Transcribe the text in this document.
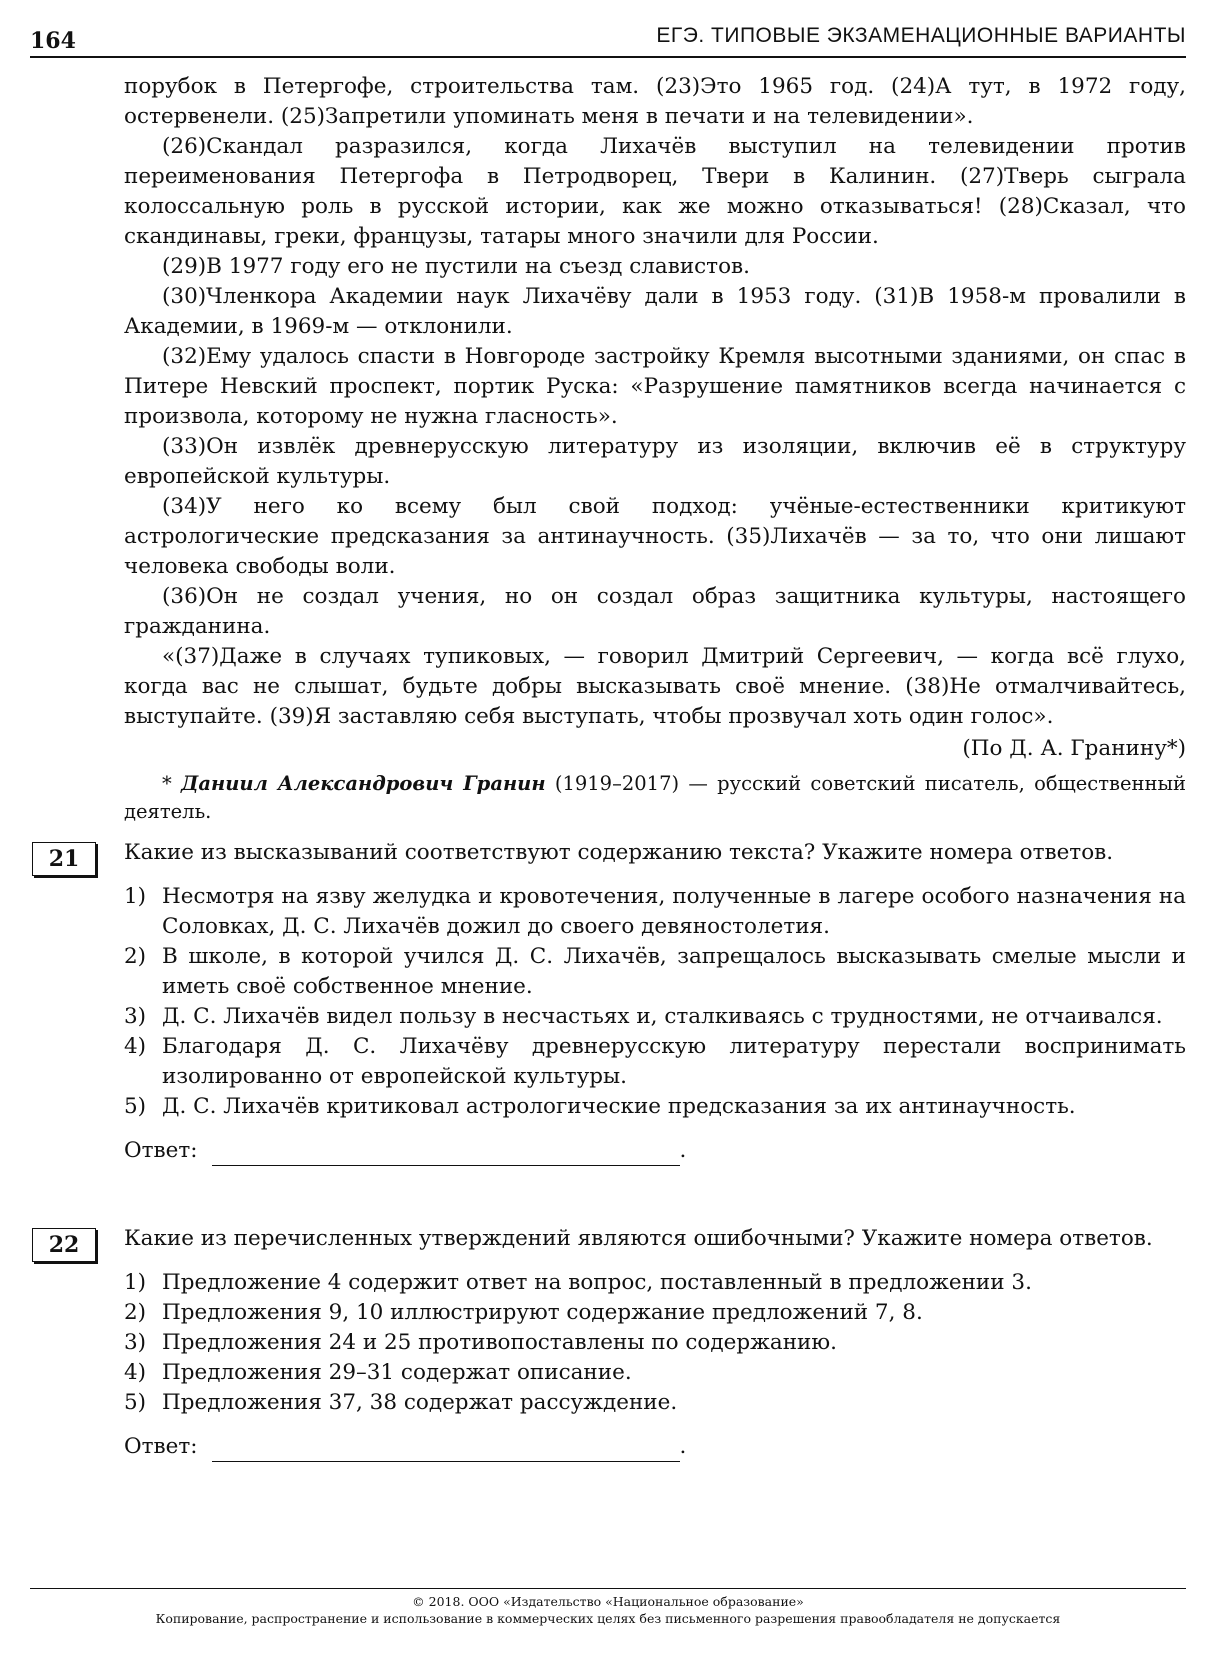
164	ЕГЭ. ТИПОВЫЕ ЭКЗАМЕНАЦИОННЫЕ ВАРИАНТЫ

порубок в Петергофе, строительства там. (23)Это 1965 год. (24)А тут, в 1972 году, остервенели. (25)Запретили упоминать меня в печати и на телевидении».

(26)Скандал разразился, когда Лихачёв выступил на телевидении против переименования Петергофа в Петродворец, Твери в Калинин. (27)Тверь сыграла колоссальную роль в русской истории, как же можно отказываться! (28)Сказал, что скандинавы, греки, французы, татары много значили для России.

(29)В 1977 году его не пустили на съезд славистов.

(30)Членкора Академии наук Лихачёву дали в 1953 году. (31)В 1958-м провалили в Академии, в 1969-м — отклонили.

(32)Ему удалось спасти в Новгороде застройку Кремля высотными зданиями, он спас в Питере Невский проспект, портик Руска: «Разрушение памятников всегда начинается с произвола, которому не нужна гласность».

(33)Он извлёк древнерусскую литературу из изоляции, включив её в структуру европейской культуры.

(34)У него ко всему был свой подход: учёные-естественники критикуют астрологические предсказания за антинаучность. (35)Лихачёв — за то, что они лишают человека свободы воли.

(36)Он не создал учения, но он создал образ защитника культуры, настоящего гражданина.

«(37)Даже в случаях тупиковых, — говорил Дмитрий Сергеевич, — когда всё глухо, когда вас не слышат, будьте добры высказывать своё мнение. (38)Не отмалчивайтесь, выступайте. (39)Я заставляю себя выступать, чтобы прозвучал хоть один голос».

(По Д. А. Гранину*)
* Даниил Александрович Гранин (1919–2017) — русский советский писатель, общественный деятель.
21	Какие из высказываний соответствуют содержанию текста? Укажите номера ответов.

1) Несмотря на язву желудка и кровотечения, полученные в лагере особого назначения на Соловках, Д. С. Лихачёв дожил до своего девяностолетия.
2) В школе, в которой учился Д. С. Лихачёв, запрещалось высказывать смелые мысли и иметь своё собственное мнение.
3) Д. С. Лихачёв видел пользу в несчастьях и, сталкиваясь с трудностями, не отчаивался.
4) Благодаря Д. С. Лихачёву древнерусскую литературу перестали воспринимать изолированно от европейской культуры.
5) Д. С. Лихачёв критиковал астрологические предсказания за их антинаучность.
Ответ:	.
22	Какие из перечисленных утверждений являются ошибочными? Укажите номера ответов.

1) Предложение 4 содержит ответ на вопрос, поставленный в предложении 3.
2) Предложения 9, 10 иллюстрируют содержание предложений 7, 8.
3) Предложения 24 и 25 противопоставлены по содержанию.
4) Предложения 29–31 содержат описание.
5) Предложения 37, 38 содержат рассуждение.
Ответ:	.
© 2018. ООО «Издательство «Национальное образование»
Копирование, распространение и использование в коммерческих целях без письменного разрешения правообладателя не допускается
